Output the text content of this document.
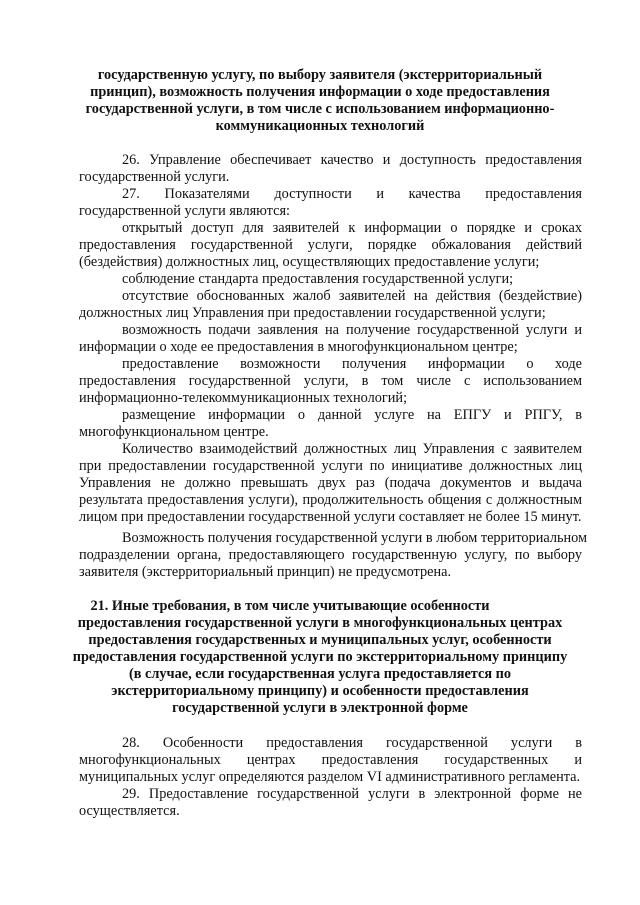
государственную услугу, по выбору заявителя (экстерриториальный
принцип), возможность получения информации о ходе предоставления
государственной услуги, в том числе с использованием информационно-
коммуникационных технологий
26. Управление обеспечивает качество и доступность предоставления
государственной услуги.
27. Показателями доступности и качества предоставления
государственной услуги являются:
открытый доступ для заявителей к информации о порядке и сроках
предоставления государственной услуги, порядке обжалования действий
(бездействия) должностных лиц, осуществляющих предоставление услуги;
соблюдение стандарта предоставления государственной услуги;
отсутствие обоснованных жалоб заявителей на действия (бездействие)
должностных лиц Управления при предоставлении государственной услуги;
возможность подачи заявления на получение государственной услуги и
информации о ходе ее предоставления в многофункциональном центре;
предоставление возможности получения информации о ходе
предоставления государственной услуги, в том числе с использованием
информационно-телекоммуникационных технологий;
размещение информации о данной услуге на ЕПГУ и РПГУ, в
многофункциональном центре.
Количество взаимодействий должностных лиц Управления с заявителем
при предоставлении государственной услуги по инициативе должностных лиц
Управления не должно превышать двух раз (подача документов и выдача
результата предоставления услуги), продолжительность общения с должностным
лицом при предоставлении государственной услуги составляет не более 15 минут.
Возможность получения государственной услуги в любом территориальном
подразделении органа, предоставляющего государственную услугу, по выбору
заявителя (экстерриториальный принцип) не предусмотрена.
21. Иные требования, в том числе учитывающие особенности
предоставления государственной услуги в многофункциональных центрах
предоставления государственных и муниципальных услуг, особенности
предоставления государственной услуги по экстерриториальному принципу
(в случае, если государственная услуга предоставляется по
экстерриториальному принципу) и особенности предоставления
государственной услуги в электронной форме
28. Особенности предоставления государственной услуги в
многофункциональных центрах предоставления государственных и
муниципальных услуг определяются разделом VI административного регламента.
29. Предоставление государственной услуги в электронной форме не
осуществляется.
